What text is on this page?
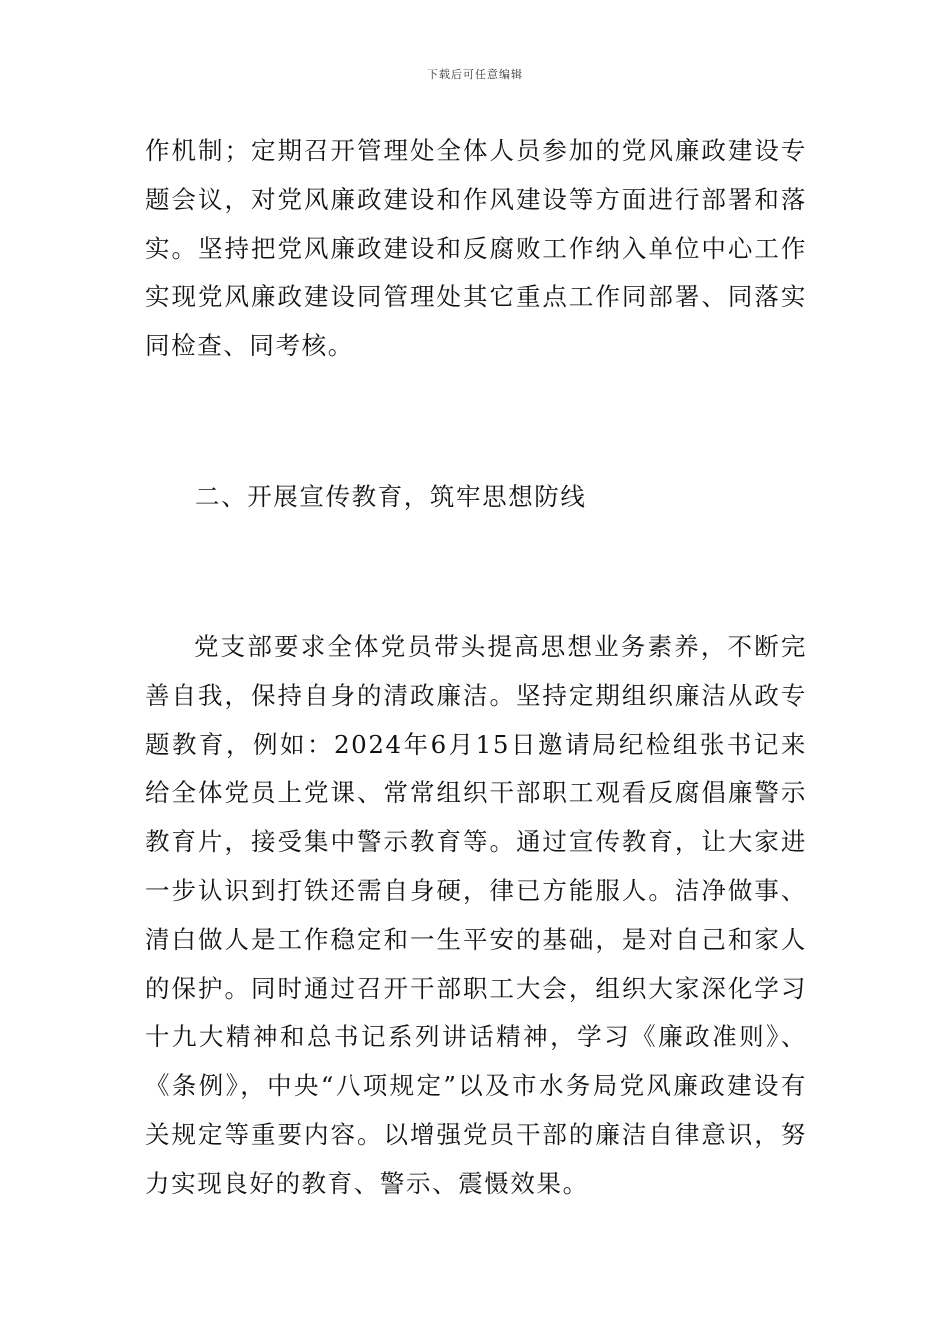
下载后可任意编辑

作机制；定期召开管理处全体人员参加的党风廉政建设专题会议，对党风廉政建设和作风建设等方面进行部署和落实。坚持把党风廉政建设和反腐败工作纳入单位中心工作实现党风廉政建设同管理处其它重点工作同部署、同落实同检查、同考核。

二、开展宣传教育，筑牢思想防线

党支部要求全体党员带头提高思想业务素养，不断完善自我，保持自身的清政廉洁。坚持定期组织廉洁从政专题教育，例如：2024年6月15日邀请局纪检组张书记来给全体党员上党课、常常组织干部职工观看反腐倡廉警示教育片，接受集中警示教育等。通过宣传教育，让大家进一步认识到打铁还需自身硬，律已方能服人。洁净做事、清白做人是工作稳定和一生平安的基础，是对自己和家人的保护。同时通过召开干部职工大会，组织大家深化学习十九大精神和总书记系列讲话精神，学习《廉政准则》、《条例》，中央“八项规定”以及市水务局党风廉政建设有关规定等重要内容。以增强党员干部的廉洁自律意识，努力实现良好的教育、警示、震慑效果。
